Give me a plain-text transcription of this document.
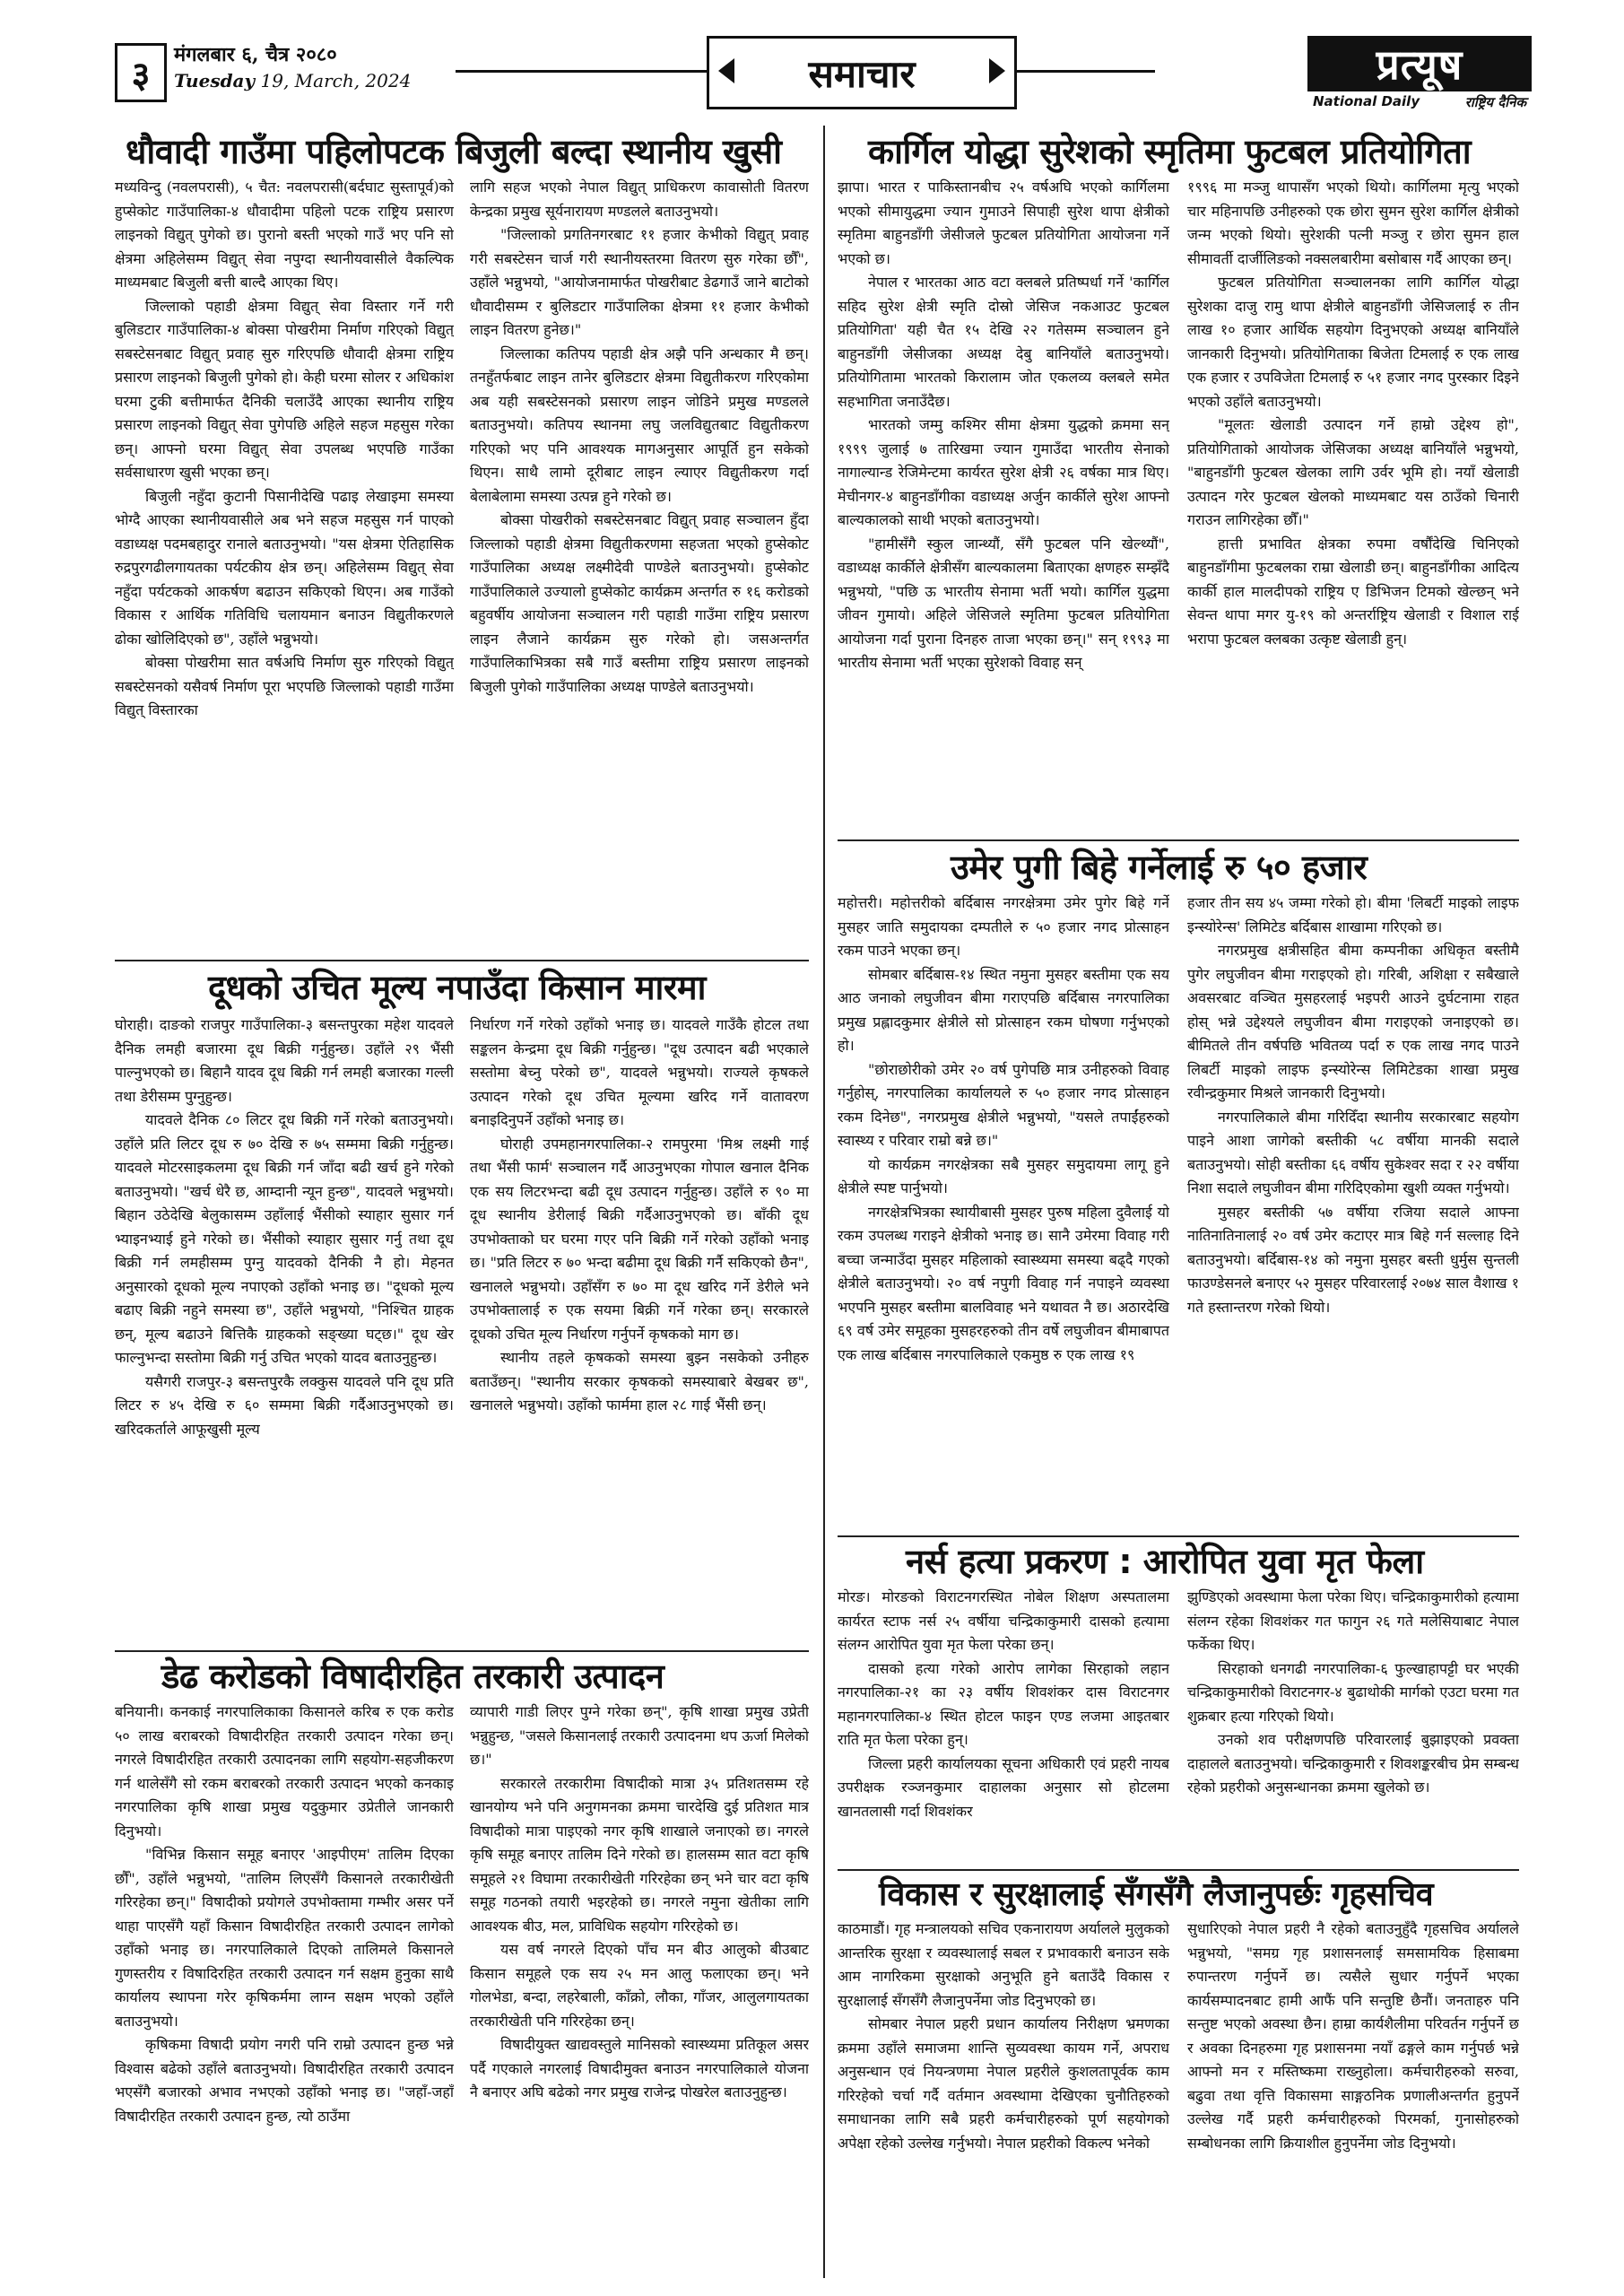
३	मंगलबार ६, चैत्र २०८०
Tuesday 19, March, 2024	समाचार	प्रत्यूष
National Daily	राष्ट्रिय दैनिक
धौवादी गाउँमा पहिलोपटक बिजुली बल्दा स्थानीय खुसी

मध्यविन्दु (नवलपरासी), ५ चैत: नवलपरासी(बर्दघाट सुस्तापूर्व)को हुप्सेकोट गाउँपालिका-४ धौवादीमा पहिलो पटक राष्ट्रिय प्रसारण लाइनको विद्युत् पुगेको छ। पुरानो बस्ती भएको गाउँ भए पनि सो क्षेत्रमा अहिलेसम्म विद्युत् सेवा नपुग्दा स्थानीयवासीले वैकल्पिक माध्यमबाट बिजुली बत्ती बाल्दै आएका थिए।

जिल्लाको पहाडी क्षेत्रमा विद्युत् सेवा विस्तार गर्ने गरी बुलिडटार गाउँपालिका-४ बोक्सा पोखरीमा निर्माण गरिएको विद्युत् सबस्टेसनबाट विद्युत् प्रवाह सुरु गरिएपछि धौवादी क्षेत्रमा राष्ट्रिय प्रसारण लाइनको बिजुली पुगेको हो। केही घरमा सोलर र अधिकांश घरमा टुकी बत्तीमार्फत दैनिकी चलाउँदै आएका स्थानीय राष्ट्रिय प्रसारण लाइनको विद्युत् सेवा पुगेपछि अहिले सहज महसुस गरेका छन्। आफ्नो घरमा विद्युत् सेवा उपलब्ध भएपछि गाउँका सर्वसाधारण खुसी भएका छन्।

बिजुली नहुँदा कुटानी पिसानीदेखि पढाइ लेखाइमा समस्या भोग्दै आएका स्थानीयवासीले अब भने सहज महसुस गर्न पाएको वडाध्यक्ष पदमबहादुर रानाले बताउनुभयो। "यस क्षेत्रमा ऐतिहासिक रुद्रपुरगढीलगायतका पर्यटकीय क्षेत्र छन्। अहिलेसम्म विद्युत् सेवा नहुँदा पर्यटकको आकर्षण बढाउन सकिएको थिएन। अब गाउँको विकास र आर्थिक गतिविधि चलायमान बनाउन विद्युतीकरणले ढोका खोलिदिएको छ", उहाँले भन्नुभयो।

बोक्सा पोखरीमा सात वर्षअघि निर्माण सुरु गरिएको विद्युत् सबस्टेसनको यसैवर्ष निर्माण पूरा भएपछि जिल्लाको पहाडी गाउँमा विद्युत् विस्तारका

लागि सहज भएको नेपाल विद्युत् प्राधिकरण कावासोती वितरण केन्द्रका प्रमुख सूर्यनारायण मण्डलले बताउनुभयो।

"जिल्लाको प्रगतिनगरबाट ११ हजार केभीको विद्युत् प्रवाह गरी सबस्टेसन चार्ज गरी स्थानीयस्तरमा वितरण सुरु गरेका छौँ", उहाँले भन्नुभयो, "आयोजनामार्फत पोखरीबाट डेढगाउँ जाने बाटोको धौवादीसम्म र बुलिडटार गाउँपालिका क्षेत्रमा ११ हजार केभीको लाइन वितरण हुनेछ।"

जिल्लाका कतिपय पहाडी क्षेत्र अझै पनि अन्धकार मै छन्। तनहुँतर्फबाट लाइन तानेर बुलिडटार क्षेत्रमा विद्युतीकरण गरिएकोमा अब यही सबस्टेसनको प्रसारण लाइन जोडिने प्रमुख मण्डलले बताउनुभयो। कतिपय स्थानमा लघु जलविद्युतबाट विद्युतीकरण गरिएको भए पनि आवश्यक मागअनुसार आपूर्ति हुन सकेको थिएन। साथै लामो दूरीबाट लाइन ल्याएर विद्युतीकरण गर्दा बेलाबेलामा समस्या उत्पन्न हुने गरेको छ।

बोक्सा पोखरीको सबस्टेसनबाट विद्युत् प्रवाह सञ्चालन हुँदा जिल्लाको पहाडी क्षेत्रमा विद्युतीकरणमा सहजता भएको हुप्सेकोट गाउँपालिका अध्यक्ष लक्ष्मीदेवी पाण्डेले बताउनुभयो। हुप्सेकोट गाउँपालिकाले उज्यालो हुप्सेकोट कार्यक्रम अन्तर्गत रु १६ करोडको बहुवर्षीय आयोजना सञ्चालन गरी पहाडी गाउँमा राष्ट्रिय प्रसारण लाइन लैजाने कार्यक्रम सुरु गरेको हो। जसअन्तर्गत गाउँपालिकाभित्रका सबै गाउँ बस्तीमा राष्ट्रिय प्रसारण लाइनको बिजुली पुगेको गाउँपालिका अध्यक्ष पाण्डेले बताउनुभयो।

दूधको उचित मूल्य नपाउँदा किसान मारमा

घोराही। दाङको राजपुर गाउँपालिका-३ बसन्तपुरका महेश यादवले दैनिक लमही बजारमा दूध बिक्री गर्नुहुन्छ। उहाँले २९ भैंसी पाल्नुभएको छ। बिहानै यादव दूध बिक्री गर्न लमही बजारका गल्ली तथा डेरीसम्म पुग्नुहुन्छ।

यादवले दैनिक ८० लिटर दूध बिक्री गर्ने गरेको बताउनुभयो। उहाँले प्रति लिटर दूध रु ७० देखि रु ७५ सम्ममा बिक्री गर्नुहुन्छ। यादवले मोटरसाइकलमा दूध बिक्री गर्न जाँदा बढी खर्च हुने गरेको बताउनुभयो। "खर्च धेरै छ, आम्दानी न्यून हुन्छ", यादवले भन्नुभयो। बिहान उठेदेखि बेलुकासम्म उहाँलाई भैंसीको स्याहार सुसार गर्न भ्याइनभ्याई हुने गरेको छ। भैंसीको स्याहार सुसार गर्नु तथा दूध बिक्री गर्न लमहीसम्म पुग्नु यादवको दैनिकी नै हो। मेहनत अनुसारको दूधको मूल्य नपाएको उहाँको भनाइ छ। "दूधको मूल्य बढाए बिक्री नहुने समस्या छ", उहाँले भन्नुभयो, "निश्चित ग्राहक छन्, मूल्य बढाउने बित्तिकै ग्राहकको सङ्ख्या घट्छ।" दूध खेर फाल्नुभन्दा सस्तोमा बिक्री गर्नु उचित भएको यादव बताउनुहुन्छ।

यसैगरी राजपुर-३ बसन्तपुरकै लक्कुस यादवले पनि दूध प्रति लिटर रु ४५ देखि रु ६० सम्ममा बिक्री गर्दैआउनुभएको छ। खरिदकर्ताले आफूखुसी मूल्य

निर्धारण गर्ने गरेको उहाँको भनाइ छ। यादवले गाउँकै होटल तथा सङ्कलन केन्द्रमा दूध बिक्री गर्नुहुन्छ। "दूध उत्पादन बढी भएकाले सस्तोमा बेच्नु परेको छ", यादवले भन्नुभयो। राज्यले कृषकले उत्पादन गरेको दूध उचित मूल्यमा खरिद गर्ने वातावरण बनाइदिनुपर्ने उहाँको भनाइ छ।

घोराही उपमहानगरपालिका-२ रामपुरमा 'मिश्र लक्ष्मी गाई तथा भैंसी फार्म' सञ्चालन गर्दै आउनुभएका गोपाल खनाल दैनिक एक सय लिटरभन्दा बढी दूध उत्पादन गर्नुहुन्छ। उहाँले रु ९० मा दूध स्थानीय डेरीलाई बिक्री गर्दैआउनुभएको छ। बाँकी दूध उपभोक्ताको घर घरमा गएर पनि बिक्री गर्ने गरेको उहाँको भनाइ छ। "प्रति लिटर रु ७० भन्दा बढीमा दूध बिक्री गर्नै सकिएको छैन", खनालले भन्नुभयो। उहाँसँग रु ७० मा दूध खरिद गर्ने डेरीले भने उपभोक्तालाई रु एक सयमा बिक्री गर्ने गरेका छन्। सरकारले दूधको उचित मूल्य निर्धारण गर्नुपर्ने कृषकको माग छ।

स्थानीय तहले कृषकको समस्या बुझ्न नसकेको उनीहरु बताउँछन्। "स्थानीय सरकार कृषकको समस्याबारे बेखबर छ", खनालले भन्नुभयो। उहाँको फार्ममा हाल २८ गाई भैंसी छन्।

डेढ करोडको विषादीरहित तरकारी उत्पादन

बनियानी। कनकाई नगरपालिकाका किसानले करिब रु एक करोड ५० लाख बराबरको विषादीरहित तरकारी उत्पादन गरेका छन्। नगरले विषादीरहित तरकारी उत्पादनका लागि सहयोग-सहजीकरण गर्न थालेसँगै सो रकम बराबरको तरकारी उत्पादन भएको कनकाइ नगरपालिका कृषि शाखा प्रमुख यदुकुमार उप्रेतीले जानकारी दिनुभयो।

"विभिन्न किसान समूह बनाएर 'आइपीएम' तालिम दिएका छौँ", उहाँले भन्नुभयो, "तालिम लिएसँगै किसानले तरकारीखेती गरिरहेका छन्।" विषादीको प्रयोगले उपभोक्तामा गम्भीर असर पर्ने थाहा पाएसँगै यहाँ किसान विषादीरहित तरकारी उत्पादन लागेको उहाँको भनाइ छ। नगरपालिकाले दिएको तालिमले किसानले गुणस्तरीय र विषादिरहित तरकारी उत्पादन गर्न सक्षम हुनुका साथै कार्यालय स्थापना गरेर कृषिकर्ममा लाग्न सक्षम भएको उहाँले बताउनुभयो।

कृषिकमा विषादी प्रयोग नगरी पनि राम्रो उत्पादन हुन्छ भन्ने विश्वास बढेको उहाँले बताउनुभयो। विषादीरहित तरकारी उत्पादन भएसँगै बजारको अभाव नभएको उहाँको भनाइ छ। "जहाँ-जहाँ विषादीरहित तरकारी उत्पादन हुन्छ, त्यो ठाउँमा

व्यापारी गाडी लिएर पुग्ने गरेका छन्", कृषि शाखा प्रमुख उप्रेती भन्नुहुन्छ, "जसले किसानलाई तरकारी उत्पादनमा थप ऊर्जा मिलेको छ।"

सरकारले तरकारीमा विषादीको मात्रा ३५ प्रतिशतसम्म रहे खानयोग्य भने पनि अनुगमनका क्रममा चारदेखि दुई प्रतिशत मात्र विषादीको मात्रा पाइएको नगर कृषि शाखाले जनाएको छ। नगरले कृषि समूह बनाएर तालिम दिने गरेको छ। हालसम्म सात वटा कृषि समूहले २१ विघामा तरकारीखेती गरिरहेका छन् भने चार वटा कृषि समूह गठनको तयारी भइरहेको छ। नगरले नमुना खेतीका लागि आवश्यक बीउ, मल, प्राविधिक सहयोग गरिरहेको छ।

यस वर्ष नगरले दिएको पाँच मन बीउ आलुको बीउबाट किसान समूहले एक सय २५ मन आलु फलाएका छन्। भने गोलभेडा, बन्दा, लहरेबाली, काँक्रो, लौका, गाँजर, आलुलगायतका तरकारीखेती पनि गरिरहेका छन्।

विषादीयुक्त खाद्यवस्तुले मानिसको स्वास्थ्यमा प्रतिकूल असर पर्दै गएकाले नगरलाई विषादीमुक्त बनाउन नगरपालिकाले योजना नै बनाएर अघि बढेको नगर प्रमुख राजेन्द्र पोखरेल बताउनुहुन्छ।

कार्गिल योद्धा सुरेशको स्मृतिमा फुटबल प्रतियोगिता

झापा। भारत र पाकिस्तानबीच २५ वर्षअघि भएको कार्गिलमा भएको सीमायुद्धमा ज्यान गुमाउने सिपाही सुरेश थापा क्षेत्रीको स्मृतिमा बाहुनडाँगी जेसीजले फुटबल प्रतियोगिता आयोजना गर्ने भएको छ।

नेपाल र भारतका आठ वटा क्लबले प्रतिष्पर्धा गर्ने 'कार्गिल सहिद सुरेश क्षेत्री स्मृति दोस्रो जेसिज नकआउट फुटबल प्रतियोगिता' यही चैत १५ देखि २२ गतेसम्म सञ्चालन हुने बाहुनडाँगी जेसीजका अध्यक्ष देबु बानियाँले बताउनुभयो। प्रतियोगितामा भारतको किरालाम जोत एकलव्य क्लबले समेत सहभागिता जनाउँदैछ।

भारतको जम्मु कश्मिर सीमा क्षेत्रमा युद्धको क्रममा सन् १९९९ जुलाई ७ तारिखमा ज्यान गुमाउँदा भारतीय सेनाको नागाल्यान्ड रेजिमेन्टमा कार्यरत सुरेश क्षेत्री २६ वर्षका मात्र थिए। मेचीनगर-४ बाहुनडाँगीका वडाध्यक्ष अर्जुन कार्कीले सुरेश आफ्नो बाल्यकालको साथी भएको बताउनुभयो।

"हामीसँगै स्कुल जान्थ्यौं, सँगै फुटबल पनि खेल्थ्यौं", वडाध्यक्ष कार्कीले क्षेत्रीसँग बाल्यकालमा बिताएका क्षणहरु सम्झँदै भन्नुभयो, "पछि ऊ भारतीय सेनामा भर्ती भयो। कार्गिल युद्धमा जीवन गुमायो। अहिले जेसिजले स्मृतिमा फुटबल प्रतियोगिता आयोजना गर्दा पुराना दिनहरु ताजा भएका छन्।" सन् १९९३ मा भारतीय सेनामा भर्ती भएका सुरेशको विवाह सन्

१९९६ मा मञ्जु थापासँग भएको थियो। कार्गिलमा मृत्यु भएको चार महिनापछि उनीहरुको एक छोरा सुमन सुरेश कार्गिल क्षेत्रीको जन्म भएको थियो। सुरेशकी पत्नी मञ्जु र छोरा सुमन हाल सीमावर्ती दार्जीलिङको नक्सलबारीमा बसोबास गर्दै आएका छन्।

फुटबल प्रतियोगिता सञ्चालनका लागि कार्गिल योद्धा सुरेशका दाजु रामु थापा क्षेत्रीले बाहुनडाँगी जेसिजलाई रु तीन लाख १० हजार आर्थिक सहयोग दिनुभएको अध्यक्ष बानियाँले जानकारी दिनुभयो। प्रतियोगिताका बिजेता टिमलाई रु एक लाख एक हजार र उपविजेता टिमलाई रु ५१ हजार नगद पुरस्कार दिइने भएको उहाँले बताउनुभयो।

"मूलतः खेलाडी उत्पादन गर्ने हाम्रो उद्देश्य हो", प्रतियोगिताको आयोजक जेसिजका अध्यक्ष बानियाँले भन्नुभयो, "बाहुनडाँगी फुटबल खेलका लागि उर्वर भूमि हो। नयाँ खेलाडी उत्पादन गरेर फुटबल खेलको माध्यमबाट यस ठाउँको चिनारी गराउन लागिरहेका छौँ।"

हात्ती प्रभावित क्षेत्रका रुपमा वर्षौंदेखि चिनिएको बाहुनडाँगीमा फुटबलका राम्रा खेलाडी छन्। बाहुनडाँगीका आदित्य कार्की हाल मालदीपको राष्ट्रिय ए डिभिजन टिमको खेल्छन् भने सेवन्त थापा मगर यु-१९ को अन्तर्राष्ट्रिय खेलाडी र विशाल राई भरापा फुटबल क्लबका उत्कृष्ट खेलाडी हुन्।

उमेर पुगी बिहे गर्नेलाई रु ५० हजार

महोत्तरी। महोत्तरीको बर्दिबास नगरक्षेत्रमा उमेर पुगेर बिहे गर्ने मुसहर जाति समुदायका दम्पतीले रु ५० हजार नगद प्रोत्साहन रकम पाउने भएका छन्।

सोमबार बर्दिबास-१४ स्थित नमुना मुसहर बस्तीमा एक सय आठ जनाको लघुजीवन बीमा गराएपछि बर्दिबास नगरपालिका प्रमुख प्रह्लादकुमार क्षेत्रीले सो प्रोत्साहन रकम घोषणा गर्नुभएको हो।

"छोराछोरीको उमेर २० वर्ष पुगेपछि मात्र उनीहरुको विवाह गर्नुहोस्, नगरपालिका कार्यालयले रु ५० हजार नगद प्रोत्साहन रकम दिनेछ", नगरप्रमुख क्षेत्रीले भन्नुभयो, "यसले तपाईंहरुको स्वास्थ्य र परिवार राम्रो बन्ने छ।"

यो कार्यक्रम नगरक्षेत्रका सबै मुसहर समुदायमा लागू हुने क्षेत्रीले स्पष्ट पार्नुभयो।

नगरक्षेत्रभित्रका स्थायीबासी मुसहर पुरुष महिला दुवैलाई यो रकम उपलब्ध गराइने क्षेत्रीको भनाइ छ। सानै उमेरमा विवाह गरी बच्चा जन्माउँदा मुसहर महिलाको स्वास्थ्यमा समस्या बढ्दै गएको क्षेत्रीले बताउनुभयो। २० वर्ष नपुगी विवाह गर्न नपाइने व्यवस्था भएपनि मुसहर बस्तीमा बालविवाह भने यथावत नै छ। अठारदेखि ६९ वर्ष उमेर समूहका मुसहरहरुको तीन वर्षे लघुजीवन बीमाबापत एक लाख बर्दिबास नगरपालिकाले एकमुष्ठ रु एक लाख १९

हजार तीन सय ४५ जम्मा गरेको हो। बीमा 'लिबर्टी माइको लाइफ इन्स्योरेन्स' लिमिटेड बर्दिबास शाखामा गरिएको छ।

नगरप्रमुख क्षत्रीसहित बीमा कम्पनीका अधिकृत बस्तीमै पुगेर लघुजीवन बीमा गराइएको हो। गरिबी, अशिक्षा र सबैखाले अवसरबाट वञ्चित मुसहरलाई भइपरी आउने दुर्घटनामा राहत होस् भन्ने उद्देश्यले लघुजीवन बीमा गराइएको जनाइएको छ। बीमितले तीन वर्षपछि भवितव्य पर्दा रु एक लाख नगद पाउने लिबर्टी माइको लाइफ इन्स्योरेन्स लिमिटेडका शाखा प्रमुख रवीन्द्रकुमार मिश्रले जानकारी दिनुभयो।

नगरपालिकाले बीमा गरिदिँदा स्थानीय सरकारबाट सहयोग पाइने आशा जागेको बस्तीकी ५८ वर्षीया मानकी सदाले बताउनुभयो। सोही बस्तीका ६६ वर्षीय सुकेश्वर सदा र २२ वर्षीया निशा सदाले लघुजीवन बीमा गरिदिएकोमा खुशी व्यक्त गर्नुभयो।

मुसहर बस्तीकी ५७ वर्षीया रजिया सदाले आफ्ना नातिनातिनालाई २० वर्ष उमेर कटाएर मात्र बिहे गर्न सल्लाह दिने बताउनुभयो। बर्दिबास-१४ को नमुना मुसहर बस्ती धुर्मुस सुन्तली फाउण्डेसनले बनाएर ५२ मुसहर परिवारलाई २०७४ साल वैशाख १ गते हस्तान्तरण गरेको थियो।

नर्स हत्या प्रकरण : आरोपित युवा मृत फेला

मोरङ। मोरङको विराटनगरस्थित नोबेल शिक्षण अस्पतालमा कार्यरत स्टाफ नर्स २५ वर्षीया चन्द्रिकाकुमारी दासको हत्यामा संलग्न आरोपित युवा मृत फेला परेका छन्।

दासको हत्या गरेको आरोप लागेका सिरहाको लहान नगरपालिका-२१ का २३ वर्षीय शिवशंकर दास विराटनगर महानगरपालिका-४ स्थित होटल फाइन एण्ड लजमा आइतबार राति मृत फेला परेका हुन्।

जिल्ला प्रहरी कार्यालयका सूचना अधिकारी एवं प्रहरी नायब उपरीक्षक रञ्जनकुमार दाहालका अनुसार सो होटलमा खानतलासी गर्दा शिवशंकर

झुण्डिएको अवस्थामा फेला परेका थिए। चन्द्रिकाकुमारीको हत्यामा संलग्न रहेका शिवशंकर गत फागुन २६ गते मलेसियाबाट नेपाल फर्केका थिए।

सिरहाको धनगढी नगरपालिका-६ फुल्खाहापट्टी घर भएकी चन्द्रिकाकुमारीको विराटनगर-४ बुढाथोकी मार्गको एउटा घरमा गत शुक्रबार हत्या गरिएको थियो।

उनको शव परीक्षणपछि परिवारलाई बुझाइएको प्रवक्ता दाहालले बताउनुभयो। चन्द्रिकाकुमारी र शिवशङ्करबीच प्रेम सम्बन्ध रहेको प्रहरीको अनुसन्धानका क्रममा खुलेको छ।

विकास र सुरक्षालाई सँगसँगै लैजानुपर्छः गृहसचिव

काठमाडौं। गृह मन्त्रालयको सचिव एकनारायण अर्यालले मुलुकको आन्तरिक सुरक्षा र व्यवस्थालाई सबल र प्रभावकारी बनाउन सके आम नागरिकमा सुरक्षाको अनुभूति हुने बताउँदै विकास र सुरक्षालाई सँगसँगै लैजानुपर्नेमा जोड दिनुभएको छ।

सोमबार नेपाल प्रहरी प्रधान कार्यालय निरीक्षण भ्रमणका क्रममा उहाँले समाजमा शान्ति सुव्यवस्था कायम गर्ने, अपराध अनुसन्धान एवं नियन्त्रणमा नेपाल प्रहरीले कुशलतापूर्वक काम गरिरहेको चर्चा गर्दै वर्तमान अवस्थामा देखिएका चुनौतिहरुको समाधानका लागि सबै प्रहरी कर्मचारीहरुको पूर्ण सहयोगको अपेक्षा रहेको उल्लेख गर्नुभयो। नेपाल प्रहरीको विकल्प भनेको

सुधारिएको नेपाल प्रहरी नै रहेको बताउनुहुँदै गृहसचिव अर्यालले भन्नुभयो, "समग्र गृह प्रशासनलाई समसामयिक हिसाबमा रुपान्तरण गर्नुपर्ने छ। त्यसैले सुधार गर्नुपर्ने भएका कार्यसम्पादनबाट हामी आफैं पनि सन्तुष्टि छैनौं। जनताहरु पनि सन्तुष्ट भएको अवस्था छैन। हाम्रा कार्यशैलीमा परिवर्तन गर्नुपर्ने छ र अवका दिनहरुमा गृह प्रशासनमा नयाँ ढङ्गले काम गर्नुपर्छ भन्ने आफ्नो मन र मस्तिष्कमा राख्नुहोला। कर्मचारीहरुको सरुवा, बढुवा तथा वृत्ति विकासमा साङ्गठनिक प्रणालीअन्तर्गत हुनुपर्ने उल्लेख गर्दै प्रहरी कर्मचारीहरुको पिरमर्का, गुनासोहरुको सम्बोधनका लागि क्रियाशील हुनुपर्नेमा जोड दिनुभयो।
